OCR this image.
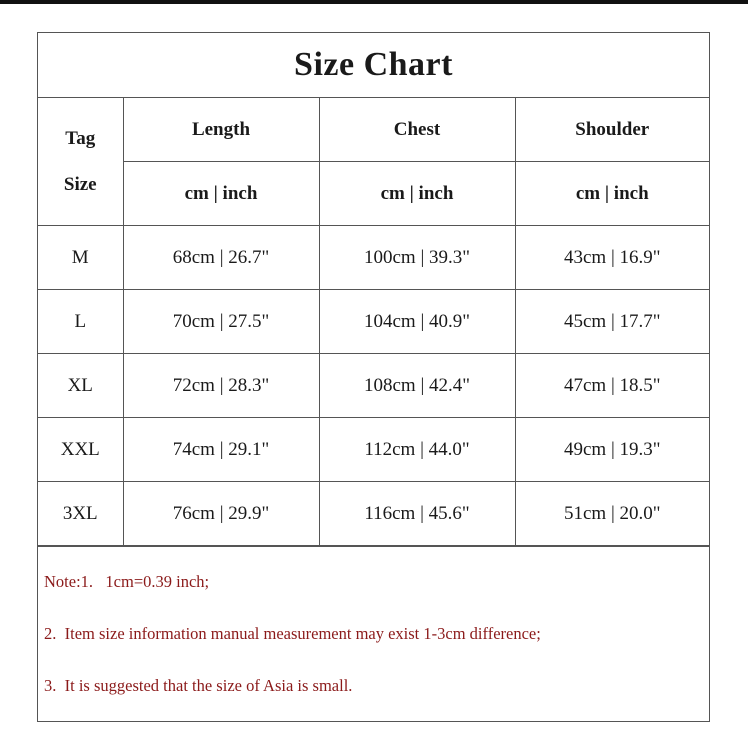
Size Chart
Tag
Size	Length	Chest	Shoulder
	cm | inch	cm | inch	cm | inch
M	68cm | 26.7"	100cm | 39.3"	43cm | 16.9"
L	70cm | 27.5"	104cm | 40.9"	45cm | 17.7"
XL	72cm | 28.3"	108cm | 42.4"	47cm | 18.5"
XXL	74cm | 29.1"	112cm | 44.0"	49cm | 19.3"
3XL	76cm | 29.9"	116cm | 45.6"	51cm | 20.0"
Note:1.   1cm=0.39 inch;
2.  Item size information manual measurement may exist 1-3cm difference;
3.  It is suggested that the size of Asia is small.
